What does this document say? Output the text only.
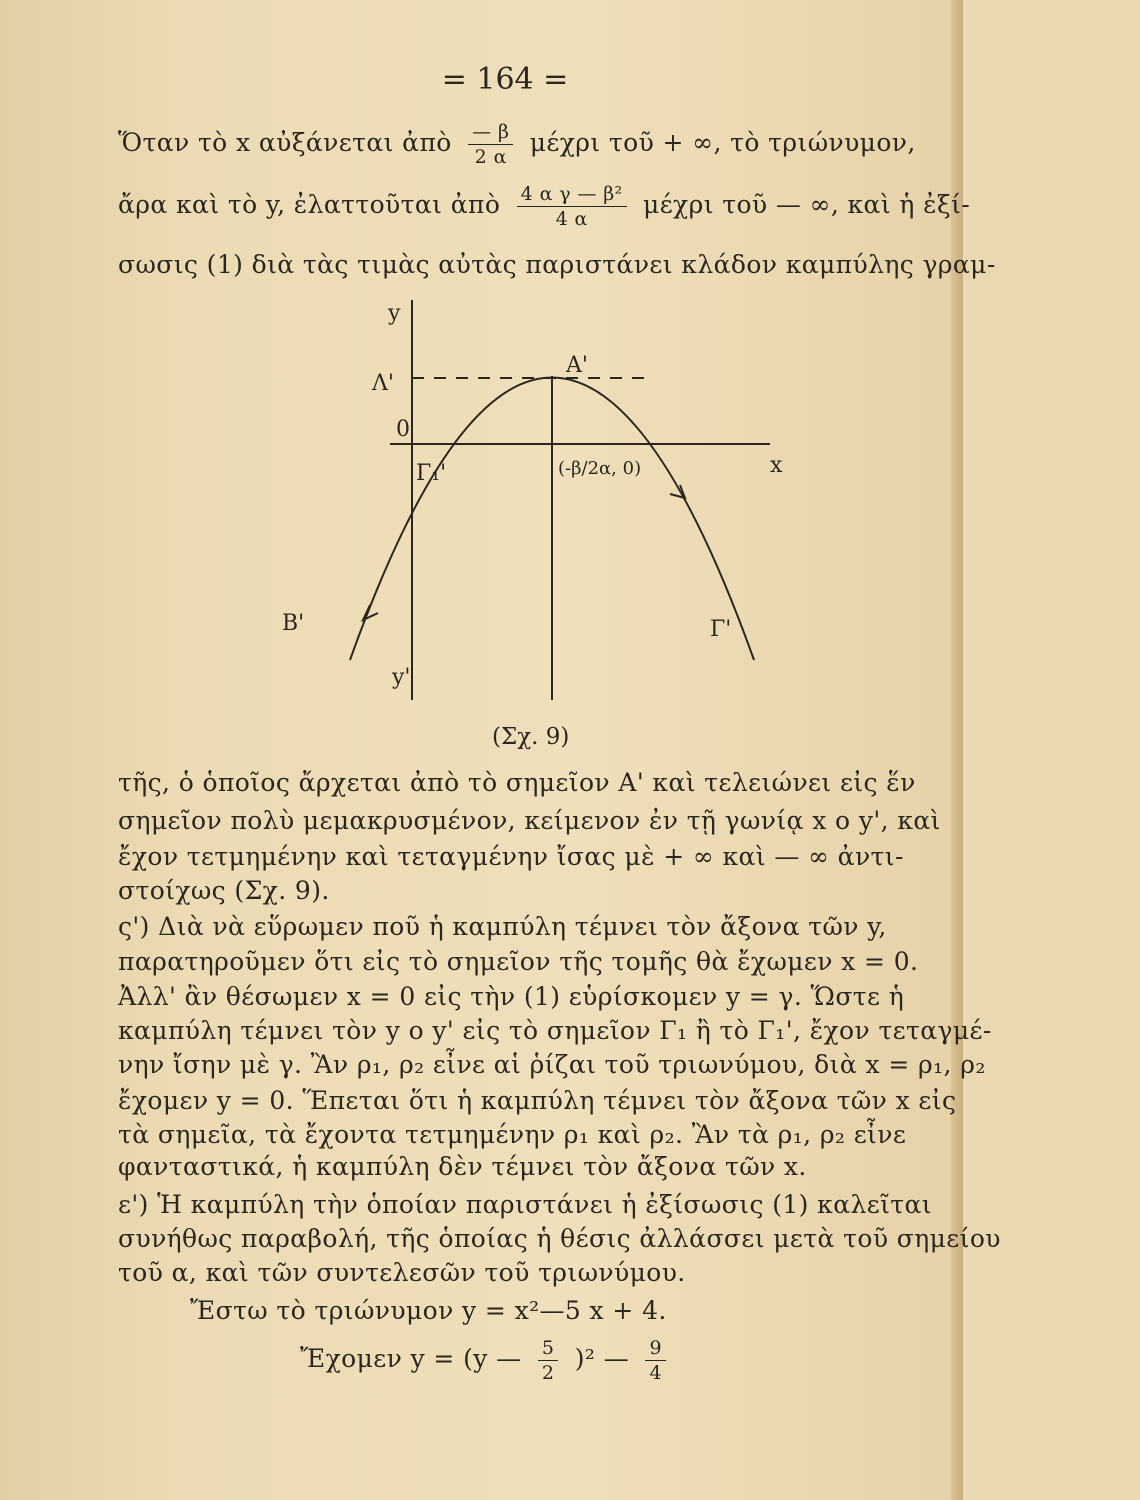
= 164 =
Ὅταν τὸ x αὐξάνεται ἀπὸ $\frac{— \beta}{2 \alpha}$ μέχρι τοῦ + ∞, τὸ τριώνυμον,
ἄρα καὶ τὸ y, ἐλαττοῦται ἀπὸ $\frac{\text{4 α γ — β²}}{4 \alpha}$ μέχρι τοῦ — ∞, καὶ ἡ ἐξί-
σωσις (1) διὰ τὰς τιμὰς αὐτὰς παριστάνει κλάδον καμπύλης γραμ-
y
Λ'
Α'
0
x
Γ₁'	(-β/2α, 0)
Β'
y'
Γ'
(Σχ. 9)
τῆς, ὁ ὁποῖος ἄρχεται ἀπὸ τὸ σημεῖον Α' καὶ τελειώνει εἰς ἕν
σημεῖον πολὺ μεμακρυσμένον, κείμενον ἐν τῇ γωνίᾳ x o y', καὶ
ἔχον τετμημένην καὶ τεταγμένην ἴσας μὲ + ∞ καὶ — ∞ ἀντι-
στοίχως (Σχ. 9).
ς') Διὰ νὰ εὕρωμεν ποῦ ἡ καμπύλη τέμνει τὸν ἄξονα τῶν y,
παρατηροῦμεν ὅτι εἰς τὸ σημεῖον τῆς τομῆς θὰ ἔχωμεν x = 0.
Ἀλλ' ἂν θέσωμεν x = 0 εἰς τὴν (1) εὑρίσκομεν y = γ. Ὥστε ἡ
καμπύλη τέμνει τὸν y o y' εἰς τὸ σημεῖον Γ₁ ἢ τὸ Γ₁', ἔχον τεταγμέ-
νην ἴσην μὲ γ. Ἂν ρ₁, ρ₂ εἶνε αἱ ῥίζαι τοῦ τριωνύμου, διὰ x = ρ₁, ρ₂
ἔχομεν y = 0. Ἕπεται ὅτι ἡ καμπύλη τέμνει τὸν ἄξονα τῶν x εἰς
τὰ σημεῖα, τὰ ἔχοντα τετμημένην ρ₁ καὶ ρ₂. Ἂν τὰ ρ₁, ρ₂ εἶνε
φανταστικά, ἡ καμπύλη δὲν τέμνει τὸν ἄξονα τῶν x.
ε') Ἡ καμπύλη τὴν ὁποίαν παριστάνει ἡ ἐξίσωσις (1) καλεῖται
συνήθως παραβολή, τῆς ὁποίας ἡ θέσις ἀλλάσσει μετὰ τοῦ σημείου
τοῦ α, καὶ τῶν συντελεσῶν τοῦ τριωνύμου.
Ἔστω τὸ τριώνυμον y = x²—5 x + 4.
Ἔχομεν y = (y — $\frac{5}{2} )^2$ — $\frac{9}{4}$
